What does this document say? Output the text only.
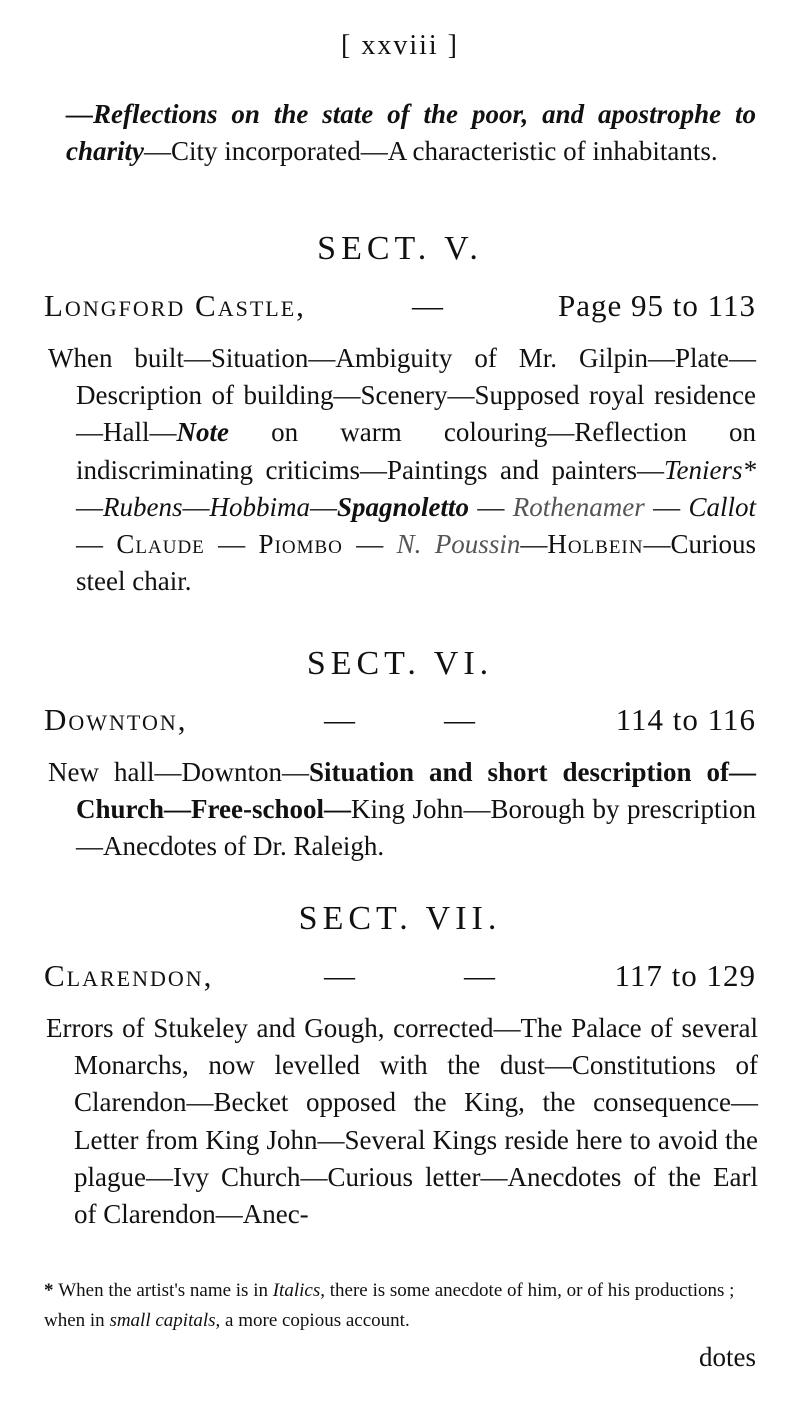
[ xxviii ]
—Reflections on the state of the poor, and apostrophe to charity—City incorporated—A characteristic of inhabitants.
SECT. V.
Longford Castle,	—	Page 95 to 113
When built—Situation—Ambiguity of Mr. Gilpin—Plate—Description of building—Scenery—Supposed royal residence—Hall—Note on warm colouring—Reflection on indiscriminating criticims—Paintings and painters—Teniers*—Rubens—Hobbima—Spagnoletto — Rothenamer — Callot — Claude — Piombo — N. Poussin—Holbein—Curious steel chair.
SECT. VI.
Downton,	—	—	114 to 116
New hall—Downton—Situation and short description of—Church—Free-school—King John—Borough by prescription—Anecdotes of Dr. Raleigh.
SECT. VII.
Clarendon,	—	—	117 to 129
Errors of Stukeley and Gough, corrected—The Palace of several Monarchs, now levelled with the dust—Constitutions of Clarendon—Becket opposed the King, the consequence—Letter from King John—Several Kings reside here to avoid the plague—Ivy Church—Curious letter—Anecdotes of the Earl of Clarendon—Anec-
* When the artist's name is in Italics, there is some anecdote of him, or of his productions ; when in small capitals, a more copious account.
dotes
